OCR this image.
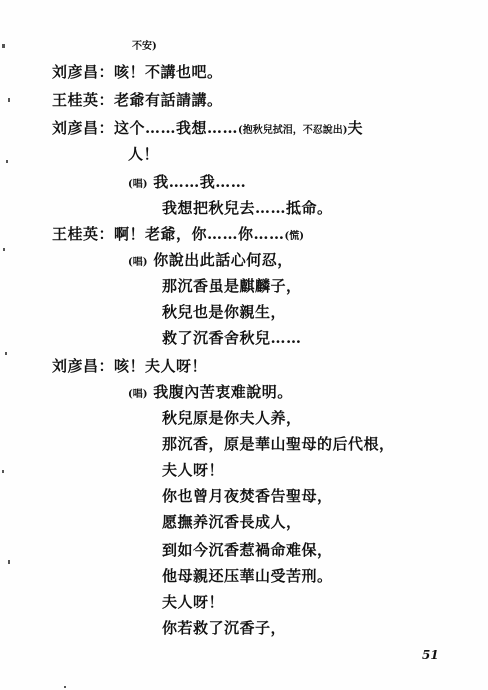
不安)
刘彦昌：咳！不講也吧。
王桂英：老爺有話請講。
刘彦昌：这个……我想……(抱秋兒拭泪，不忍說出)夫
人！
(唱) 我……我……
我想把秋兒去……抵命。
王桂英：啊！老爺，你……你……(慌)
(唱) 你說出此話心何忍，
那沉香虽是麒麟子，
秋兒也是你親生，
救了沉香舍秋兒……
刘彦昌：咳！夫人呀！
(唱) 我腹內苦衷难說明。
秋兒原是你夫人养，
那沉香，原是華山聖母的后代根，
夫人呀！
你也曾月夜焚香告聖母，
愿撫养沉香長成人，
到如今沉香惹禍命难保，
他母親还压華山受苦刑。
夫人呀！
你若救了沉香子，
51
